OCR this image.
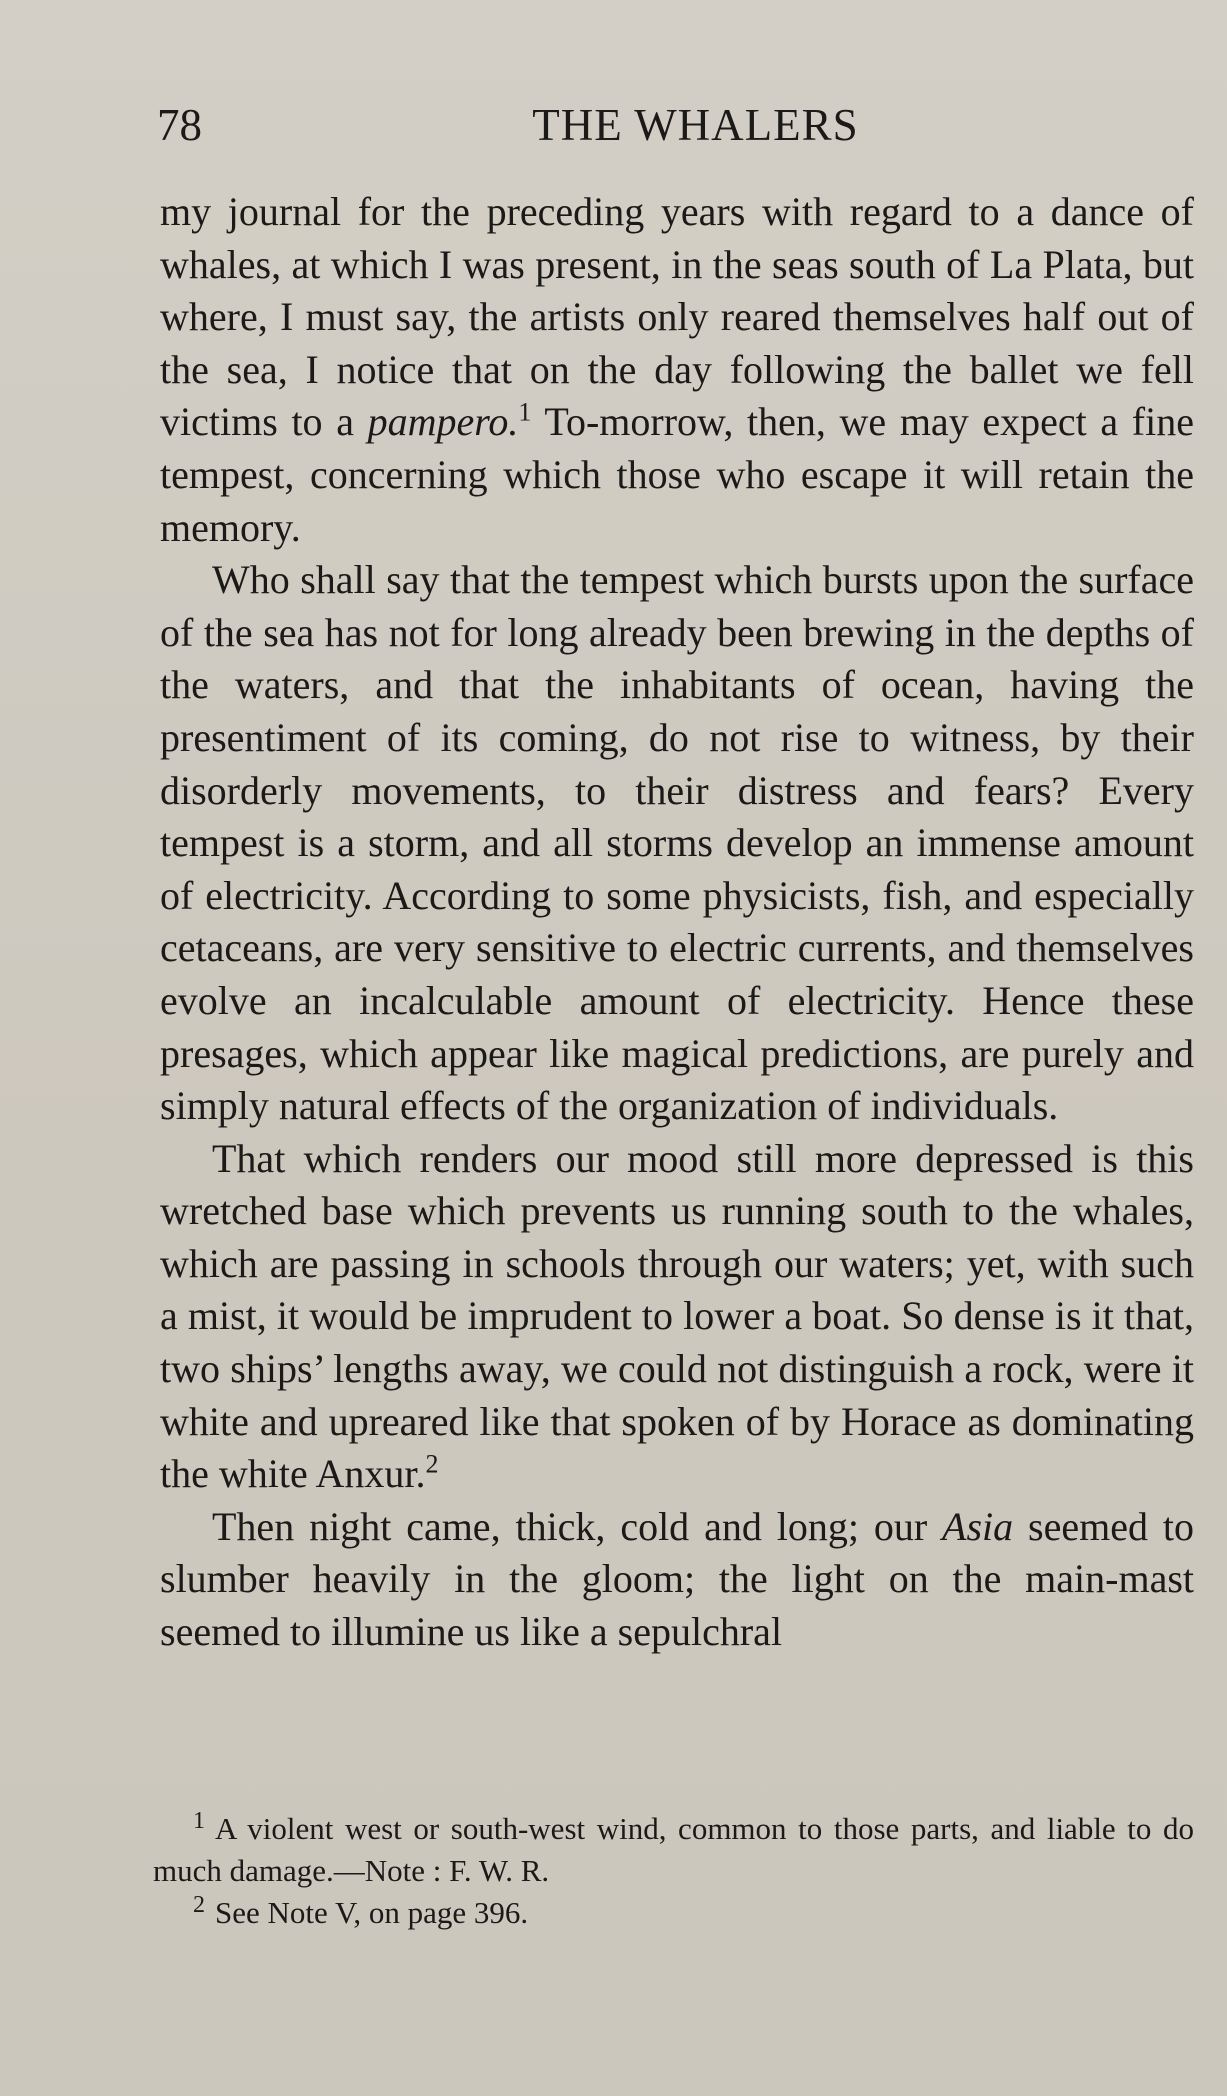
78	THE WHALERS

my journal for the preceding years with regard to a dance of whales, at which I was present, in the seas south of La Plata, but where, I must say, the artists only reared themselves half out of the sea, I notice that on the day following the ballet we fell victims to a pampero.$^1$ To-morrow, then, we may expect a fine tempest, concerning which those who escape it will retain the memory.

Who shall say that the tempest which bursts upon the surface of the sea has not for long already been brewing in the depths of the waters, and that the inhabitants of ocean, having the presentiment of its coming, do not rise to witness, by their disorderly movements, to their distress and fears? Every tempest is a storm, and all storms develop an immense amount of electricity. According to some physicists, fish, and especially cetaceans, are very sensitive to electric currents, and themselves evolve an incalculable amount of electricity. Hence these presages, which appear like magical predictions, are purely and simply natural effects of the organization of individuals.

That which renders our mood still more depressed is this wretched base which prevents us running south to the whales, which are passing in schools through our waters; yet, with such a mist, it would be imprudent to lower a boat. So dense is it that, two ships’ lengths away, we could not distinguish a rock, were it white and upreared like that spoken of by Horace as dominating the white Anxur.$^2$

Then night came, thick, cold and long; our Asia seemed to slumber heavily in the gloom; the light on the main-mast seemed to illumine us like a sepulchral

$^1$ A violent west or south-west wind, common to those parts, and liable to do much damage.—Note : F. W. R.

$^2$ See Note V, on page 396.
